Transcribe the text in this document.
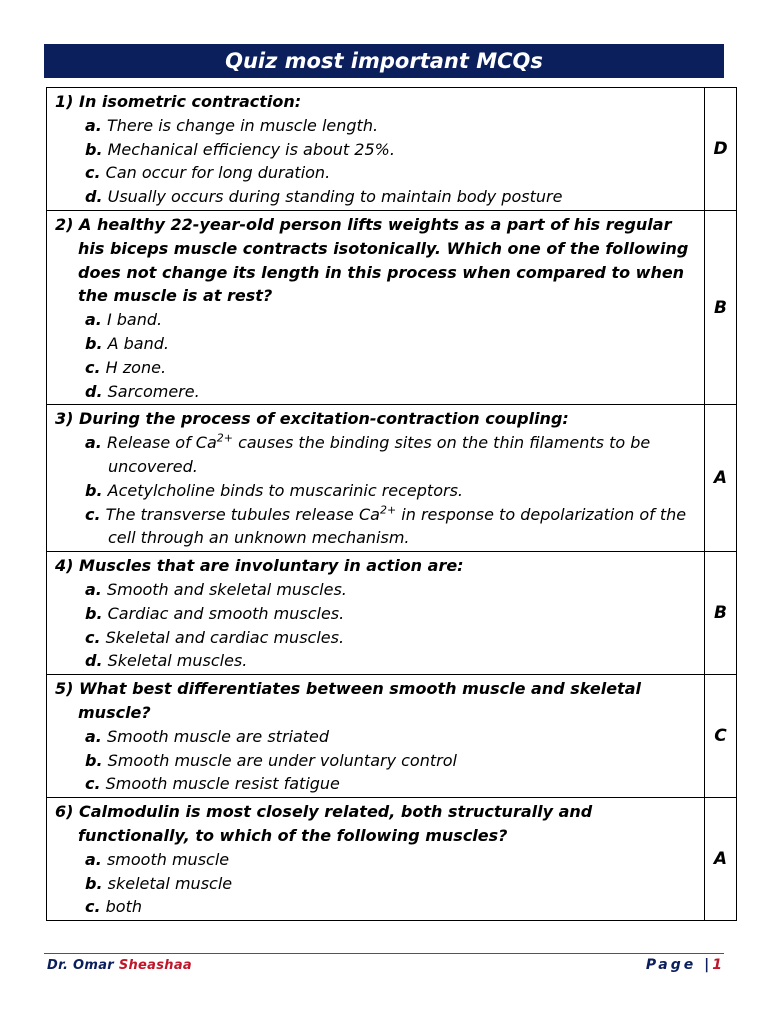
Quiz most important MCQs
1) In isometric contraction:
a. There is change in muscle length.
b. Mechanical efficiency is about 25%.
c. Can occur for long duration.
d. Usually occurs during standing to maintain body posture	D

2) A healthy 22-year-old person lifts weights as a part of his regular his biceps muscle contracts isotonically. Which one of the following does not change its length in this process when compared to when the muscle is at rest?
a. I band.
b. A band.
c. H zone.
d. Sarcomere.	B

3) During the process of excitation-contraction coupling:
a. Release of $Ca^{2+}$ causes the binding sites on the thin filaments to be uncovered.
b. Acetylcholine binds to muscarinic receptors.
c. The transverse tubules release $Ca^{2+}$ in response to depolarization of the cell through an unknown mechanism.	A

4) Muscles that are involuntary in action are:
a. Smooth and skeletal muscles.
b. Cardiac and smooth muscles.
c. Skeletal and cardiac muscles.
d. Skeletal muscles.	B

5) What best differentiates between smooth muscle and skeletal muscle?
a. Smooth muscle are striated
b. Smooth muscle are under voluntary control
c. Smooth muscle resist fatigue	C

6) Calmodulin is most closely related, both structurally and functionally, to which of the following muscles?
a. smooth muscle
b. skeletal muscle
c. both	A
Dr. Omar Sheashaa	Page |1
